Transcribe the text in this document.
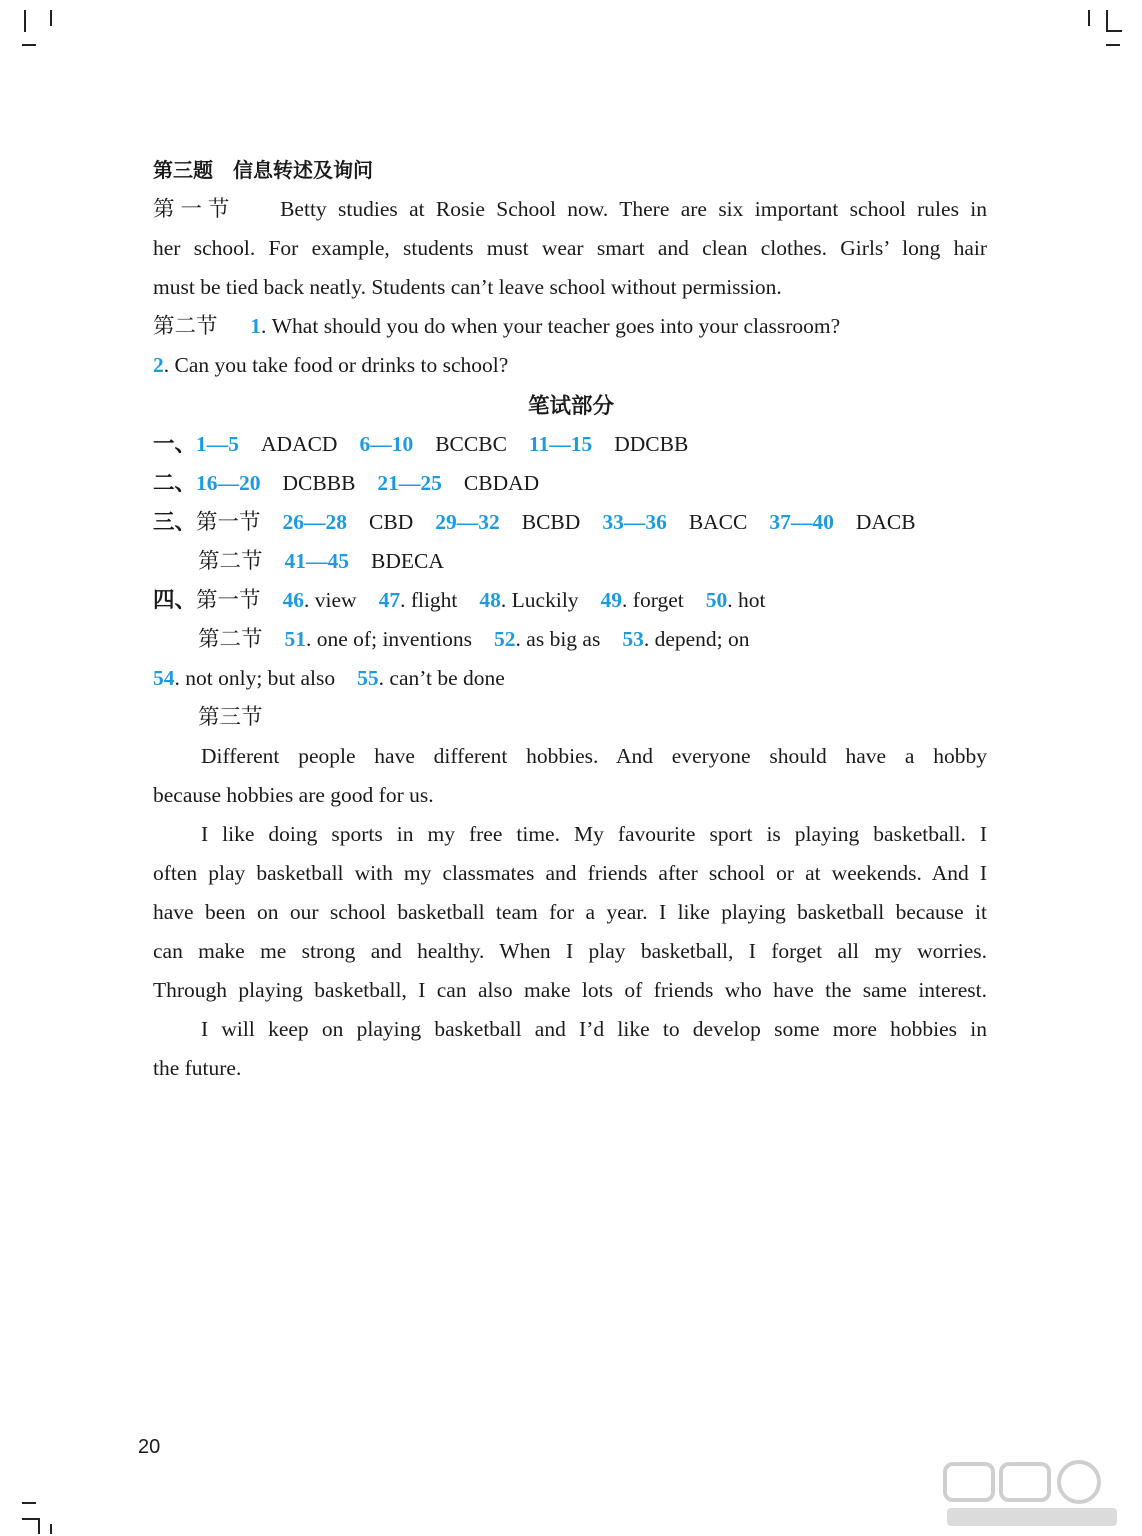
第三题　信息转述及询问
第一节 Betty studies at Rosie School now. There are six important school rules in
her school. For example, students must wear smart and clean clothes. Girls’ long hair
must be tied back neatly. Students can’t leave school without permission.
第二节 1. What should you do when your teacher goes into your classroom?
2. Can you take food or drinks to school?
笔试部分
一、1—5 ADACD 6—10 BCCBC 11—15 DDCBB
二、16—20 DCBBB 21—25 CBDAD
三、第一节 26—28 CBD 29—32 BCBD 33—36 BACC 37—40 DACB
第二节 41—45 BDECA
四、第一节 46. view 47. flight 48. Luckily 49. forget 50. hot
第二节 51. one of; inventions 52. as big as 53. depend; on
54. not only; but also 55. can’t be done
第三节
Different people have different hobbies. And everyone should have a hobby
because hobbies are good for us.
I like doing sports in my free time. My favourite sport is playing basketball. I
often play basketball with my classmates and friends after school or at weekends. And I
have been on our school basketball team for a year. I like playing basketball because it
can make me strong and healthy. When I play basketball, I forget all my worries.
Through playing basketball, I can also make lots of friends who have the same interest.
I will keep on playing basketball and I’d like to develop some more hobbies in
the future.
20
